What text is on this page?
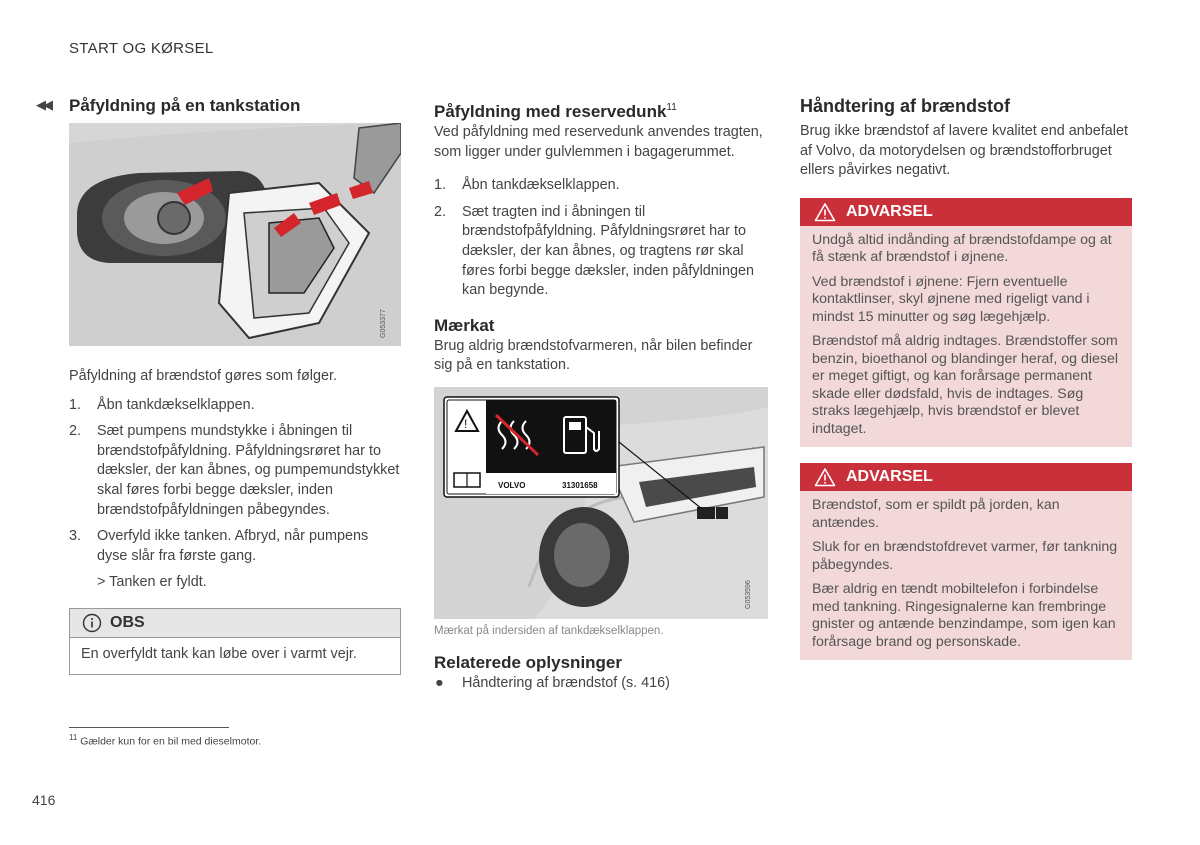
START OG KØRSEL
◀◀ Påfyldning på en tankstation
G053377

Påfyldning af brændstof gøres som følger.

1. Åbn tankdækselklappen.
2. Sæt pumpens mundstykke i åbningen til brændstofpåfyldning. Påfyldningsrøret har to dæksler, der kan åbnes, og pumpemundstykket skal føres forbi begge dæksler, inden brændstofpåfyldningen påbegyndes.
3. Overfyld ikke tanken. Afbryd, når pumpens dyse slår fra første gang.
> Tanken er fyldt.
OBS

En overfyldt tank kan løbe over i varmt vejr.

Påfyldning med reservedunk$^{11}$

Ved påfyldning med reservedunk anvendes tragten, som ligger under gulvlemmen i bagagerummet.

1. Åbn tankdækselklappen.
2. Sæt tragten ind i åbningen til brændstofpåfyldning. Påfyldningsrøret har to dæksler, der kan åbnes, og tragtens rør skal føres forbi begge dæksler, inden påfyldningen kan begynde.
Mærkat

Brug aldrig brændstofvarmeren, når bilen befinder sig på en tankstation.

!
VOLVO	31301658
G053596
Mærkat på indersiden af tankdækselklappen.
Relaterede oplysninger

● Håndtering af brændstof (s. 416)

Håndtering af brændstof

Brug ikke brændstof af lavere kvalitet end anbefalet af Volvo, da motorydelsen og brændstofforbruget ellers påvirkes negativt.

ADVARSEL

Undgå altid indånding af brændstofdampe og at få stænk af brændstof i øjnene.

Ved brændstof i øjnene: Fjern eventuelle kontaktlinser, skyl øjnene med rigeligt vand i mindst 15 minutter og søg lægehjælp.

Brændstof må aldrig indtages. Brændstoffer som benzin, bioethanol og blandinger heraf, og diesel er meget giftigt, og kan forårsage permanent skade eller dødsfald, hvis de indtages. Søg straks lægehjælp, hvis brændstof er blevet indtaget.

ADVARSEL

Brændstof, som er spildt på jorden, kan antændes.

Sluk for en brændstofdrevet varmer, før tankning påbegyndes.

Bær aldrig en tændt mobiltelefon i forbindelse med tankning. Ringesignalerne kan frembringe gnister og antænde benzindampe, som igen kan forårsage brand og personskade.

$^{11}$ Gælder kun for en bil med dieselmotor.
416
